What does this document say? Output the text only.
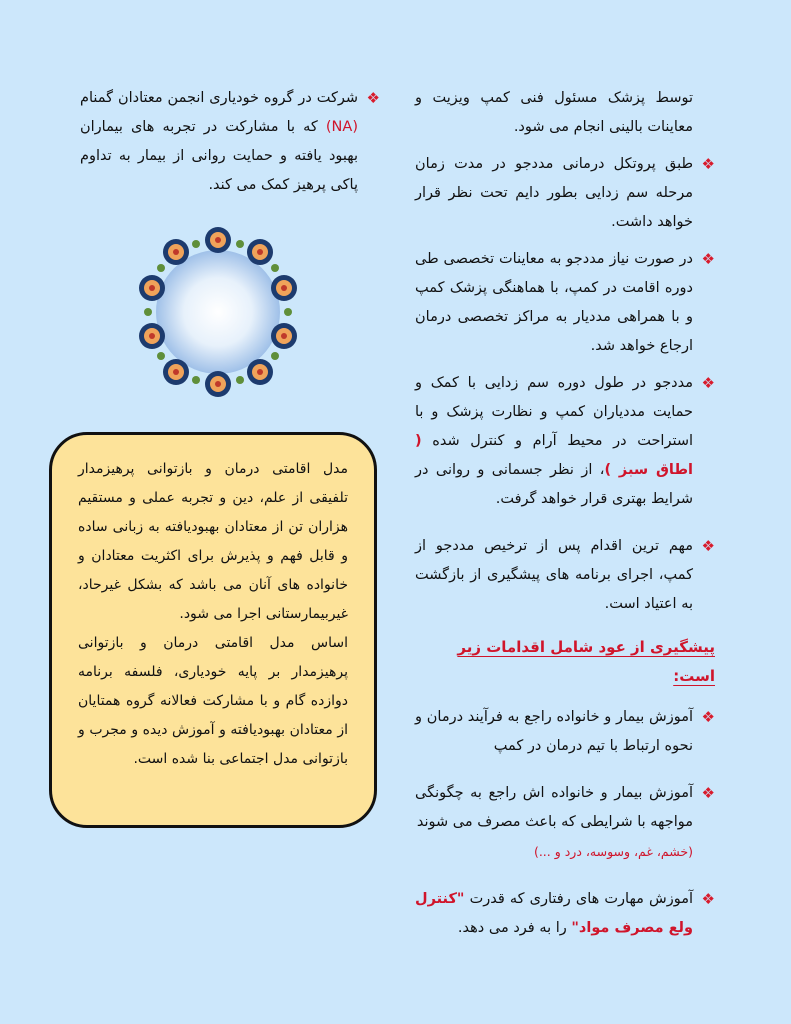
توسط پزشک مسئول فنی کمپ ویزیت و معاینات بالینی انجام می شود.

❖
طبق پروتکل درمانی مددجو در مدت زمان مرحله سم زدایی بطور دایم تحت نظر قرار خواهد داشت.

❖
در صورت نیاز مددجو به معاینات تخصصی طی دوره اقامت در کمپ، با هماهنگی پزشک کمپ و با همراهی مددیار به مراکز تخصصی درمان ارجاع خواهد شد.

❖
مددجو در طول دوره سم زدایی با کمک و حمایت مددیاران کمپ و نظارت پزشک و با استراحت در محیط آرام و کنترل شده ( اطاق سبز )، از نظر جسمانی و روانی در شرایط بهتری قرار خواهد گرفت.

❖
مهم ترین اقدام پس از ترخیص مددجو از کمپ، اجرای برنامه های پیشگیری از بازگشت به اعتیاد است.

پیشگیری از عود شامل اقدامات زیر است:

❖
آموزش بیمار و خانواده راجع به فرآیند درمان و نحوه ارتباط با تیم درمان در کمپ

❖
آموزش بیمار و خانواده اش راجع به چگونگی مواجهه با شرایطی که باعث مصرف می شوند
(خشم، غم، وسوسه، درد و ...)

❖
آموزش مهارت های رفتاری که قدرت "کنترل ولع مصرف مواد" را به فرد می دهد.

❖
شرکت در گروه خودیاری انجمن معتادان گمنام (NA) که با مشارکت در تجربه های بیماران بهبود یافته و حمایت روانی از بیمار به تداوم پاکی پرهیز کمک می کند.

مدل اقامتی درمان و بازتوانی پرهیزمدار تلفیقی از علم، دین و تجربه عملی و مستقیم هزاران تن از معتادان بهبودیافته به زبانی ساده و قابل فهم و پذیرش برای اکثریت معتادان و خانواده های آنان می باشد که بشکل غیرحاد، غیربیمارستانی اجرا می شود.
اساس مدل اقامتی درمان و بازتوانی پرهیزمدار بر پایه خودیاری، فلسفه برنامه دوازده گام و با مشارکت فعالانه گروه همتایان از معتادان بهبودیافته و آموزش دیده و مجرب و بازتوانی مدل اجتماعی بنا شده است.
